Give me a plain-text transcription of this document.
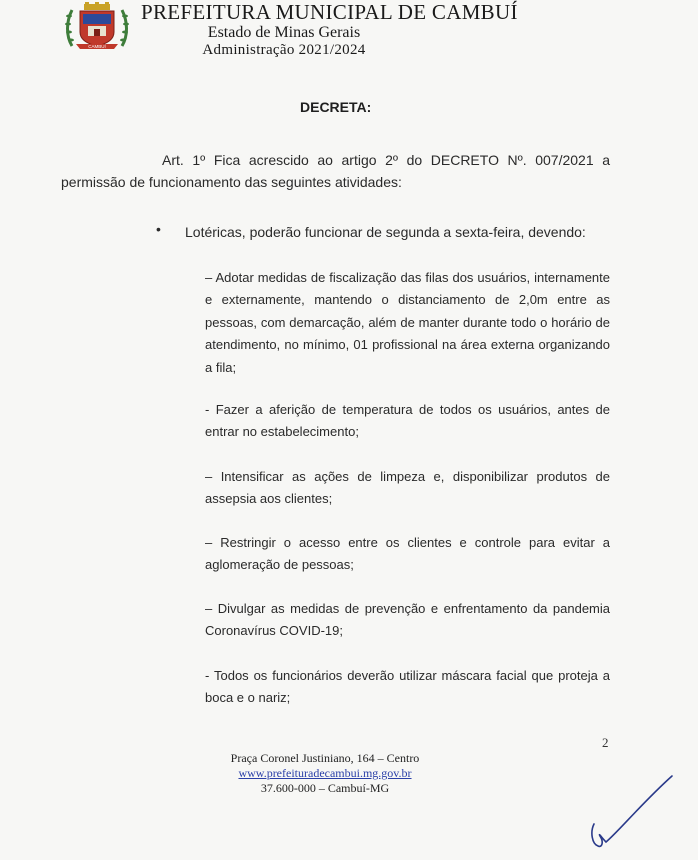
CAMBUÍ
PREFEITURA MUNICIPAL DE CAMBUÍ
Estado de Minas Gerais
Administração 2021/2024
DECRETA:
Art. 1º Fica acrescido ao artigo 2º do DECRETO Nº. 007/2021 a permissão de funcionamento das seguintes atividades:
• Lotéricas, poderão funcionar de segunda a sexta-feira, devendo:
– Adotar medidas de fiscalização das filas dos usuários, internamente e externamente, mantendo o distanciamento de 2,0m entre as pessoas, com demarcação, além de manter durante todo o horário de atendimento, no mínimo, 01 profissional na área externa organizando a fila;
- Fazer a aferição de temperatura de todos os usuários, antes de entrar no estabelecimento;
– Intensificar as ações de limpeza e, disponibilizar produtos de assepsia aos clientes;
– Restringir o acesso entre os clientes e controle para evitar a aglomeração de pessoas;
– Divulgar as medidas de prevenção e enfrentamento da pandemia Coronavírus COVID-19;
- Todos os funcionários deverão utilizar máscara facial que proteja a boca e o nariz;
2
Praça Coronel Justiniano, 164 – Centro
www.prefeituradecambui.mg.gov.br
37.600-000 – Cambuí-MG
